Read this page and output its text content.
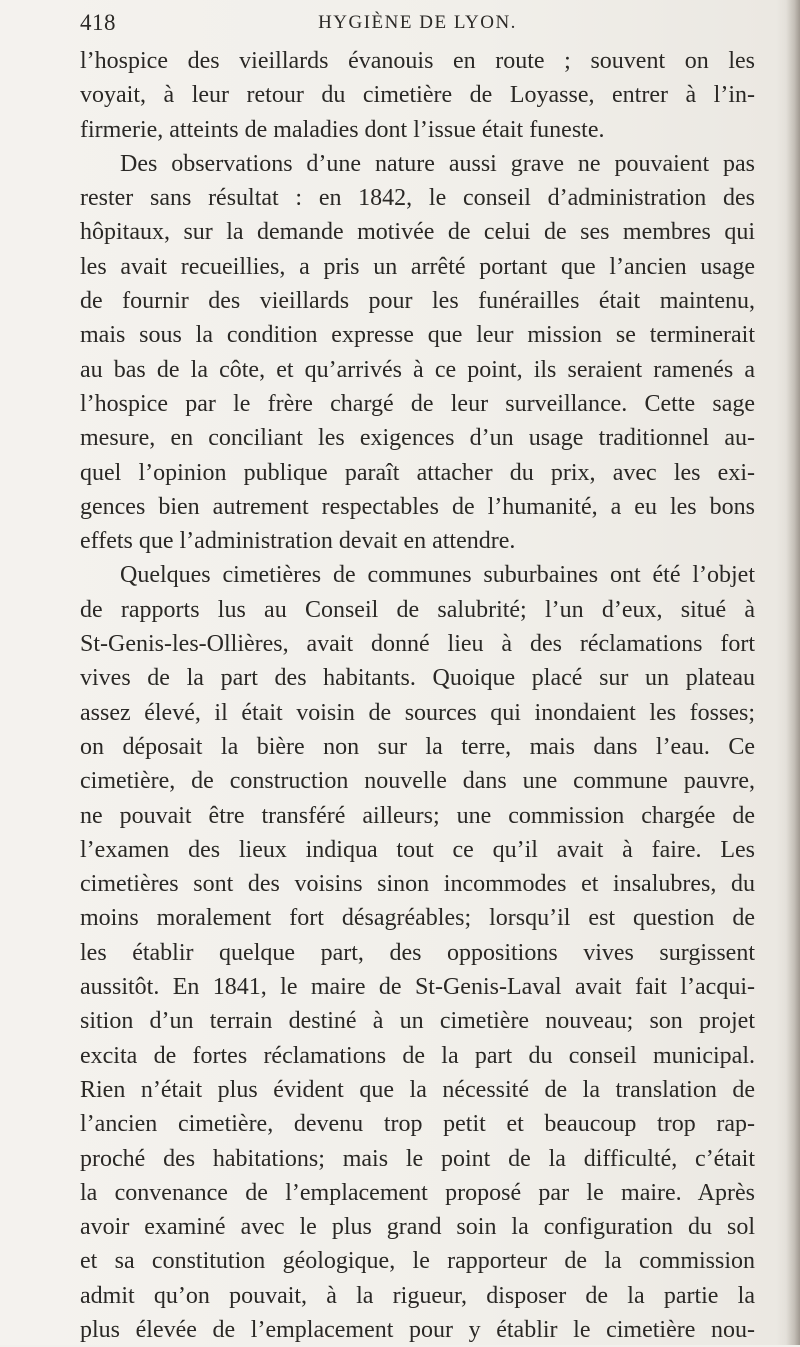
418	HYGIÈNE DE LYON.
l’hospice des vieillards évanouis en route ; souvent on les
voyait, à leur retour du cimetière de Loyasse, entrer à l’in-
firmerie, atteints de maladies dont l’issue était funeste.
Des observations d’une nature aussi grave ne pouvaient pas
rester sans résultat : en 1842, le conseil d’administration des
hôpitaux, sur la demande motivée de celui de ses membres qui
les avait recueillies, a pris un arrêté portant que l’ancien usage
de fournir des vieillards pour les funérailles était maintenu,
mais sous la condition expresse que leur mission se terminerait
au bas de la côte, et qu’arrivés à ce point, ils seraient ramenés a
l’hospice par le frère chargé de leur surveillance. Cette sage
mesure, en conciliant les exigences d’un usage traditionnel au-
quel l’opinion publique paraît attacher du prix, avec les exi-
gences bien autrement respectables de l’humanité, a eu les bons
effets que l’administration devait en attendre.
Quelques cimetières de communes suburbaines ont été l’objet
de rapports lus au Conseil de salubrité; l’un d’eux, situé à
St-Genis-les-Ollières, avait donné lieu à des réclamations fort
vives de la part des habitants. Quoique placé sur un plateau
assez élevé, il était voisin de sources qui inondaient les fosses;
on déposait la bière non sur la terre, mais dans l’eau. Ce
cimetière, de construction nouvelle dans une commune pauvre,
ne pouvait être transféré ailleurs; une commission chargée de
l’examen des lieux indiqua tout ce qu’il avait à faire. Les
cimetières sont des voisins sinon incommodes et insalubres, du
moins moralement fort désagréables; lorsqu’il est question de
les établir quelque part, des oppositions vives surgissent
aussitôt. En 1841, le maire de St-Genis-Laval avait fait l’acqui-
sition d’un terrain destiné à un cimetière nouveau; son projet
excita de fortes réclamations de la part du conseil municipal.
Rien n’était plus évident que la nécessité de la translation de
l’ancien cimetière, devenu trop petit et beaucoup trop rap-
proché des habitations; mais le point de la difficulté, c’était
la convenance de l’emplacement proposé par le maire. Après
avoir examiné avec le plus grand soin la configuration du sol
et sa constitution géologique, le rapporteur de la commission
admit qu’on pouvait, à la rigueur, disposer de la partie la
plus élevée de l’emplacement pour y établir le cimetière nou-
